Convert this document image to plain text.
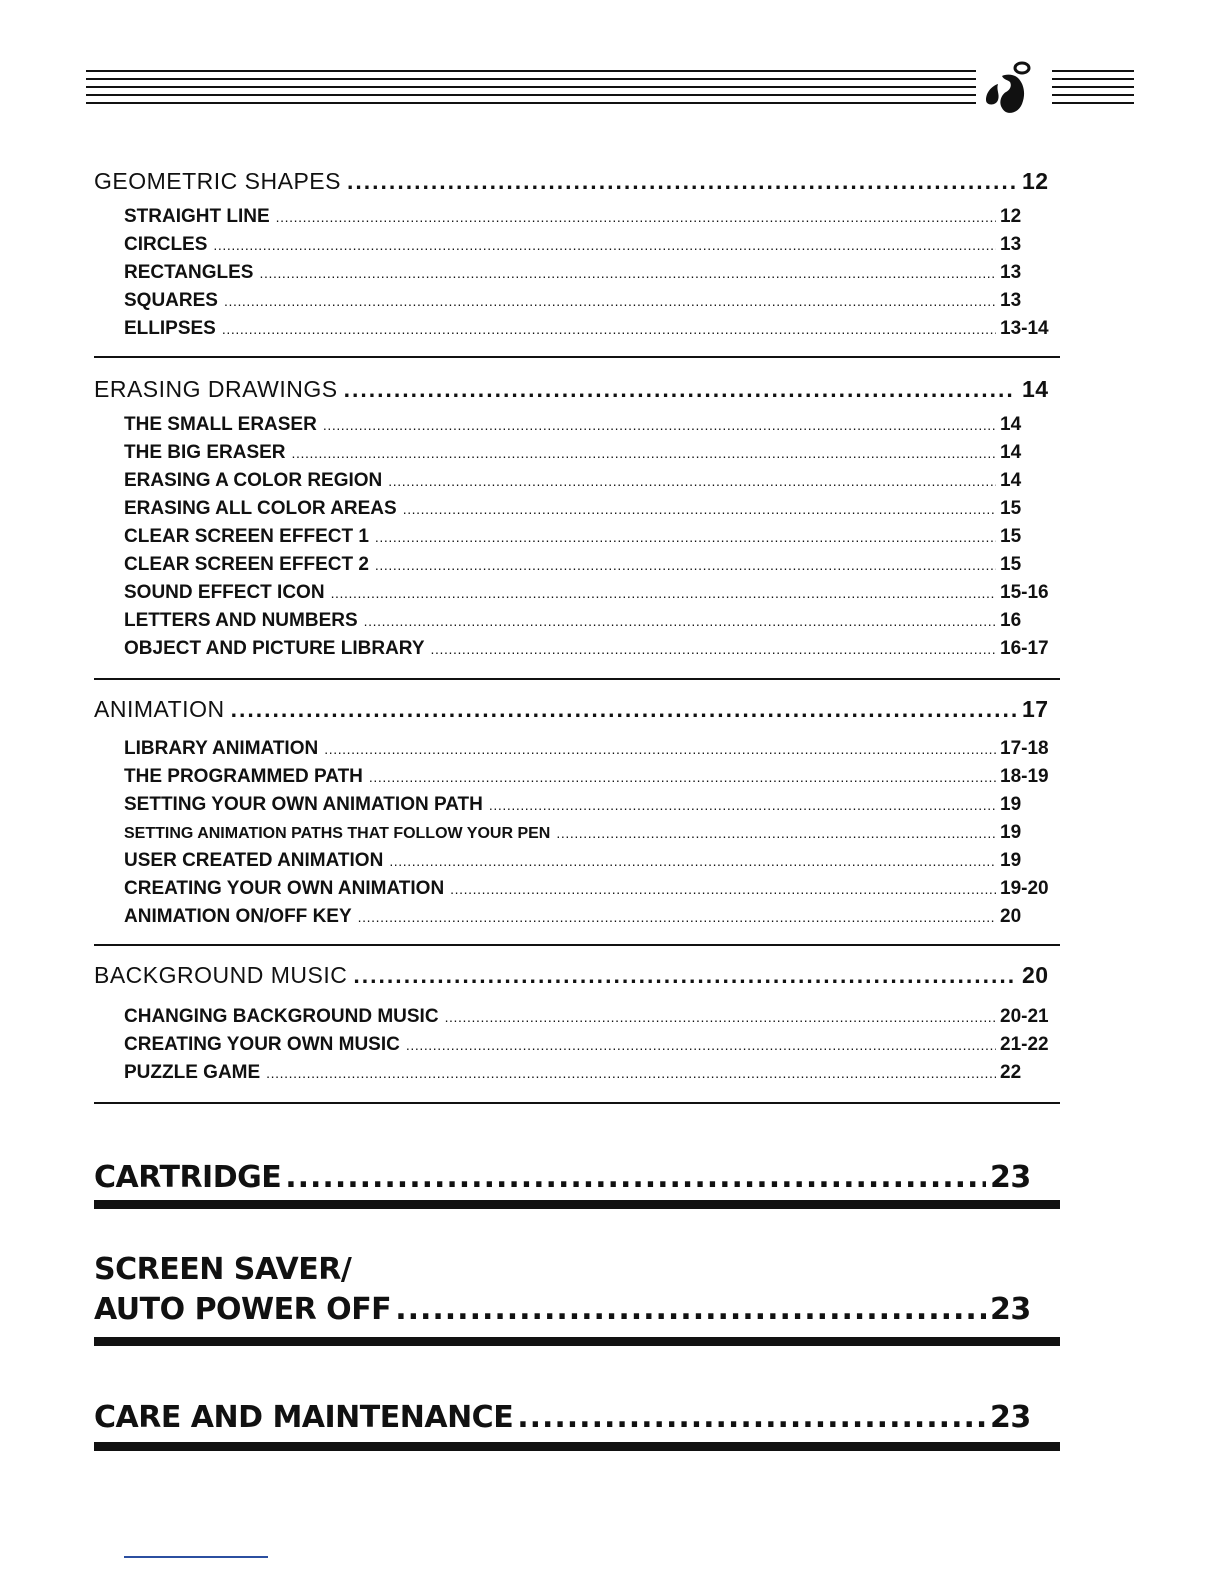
GEOMETRIC SHAPES .....	12
STRAIGHT LINE .....	12
CIRCLES .....	13
RECTANGLES .....	13
SQUARES .....	13
ELLIPSES .....	13-14
ERASING DRAWINGS .....	14
THE SMALL ERASER .....	14
THE BIG ERASER .....	14
ERASING A COLOR REGION .....	14
ERASING ALL COLOR AREAS .....	15
CLEAR SCREEN EFFECT 1 .....	15
CLEAR SCREEN EFFECT 2 .....	15
SOUND EFFECT ICON .....	15-16
LETTERS AND NUMBERS .....	16
OBJECT AND PICTURE LIBRARY .....	16-17
ANIMATION .....	17
LIBRARY ANIMATION .....	17-18
THE PROGRAMMED PATH .....	18-19
SETTING YOUR OWN ANIMATION PATH .....	19
SETTING ANIMATION PATHS THAT FOLLOW YOUR PEN .....	19
USER CREATED ANIMATION .....	19
CREATING YOUR OWN ANIMATION .....	19-20
ANIMATION ON/OFF KEY .....	20
BACKGROUND MUSIC .....	20
CHANGING BACKGROUND MUSIC .....	20-21
CREATING YOUR OWN MUSIC .....	21-22
PUZZLE GAME .....	22
CARTRIDGE .....	23
SCREEN SAVER/
AUTO POWER OFF .....	23
CARE AND MAINTENANCE .....	23
